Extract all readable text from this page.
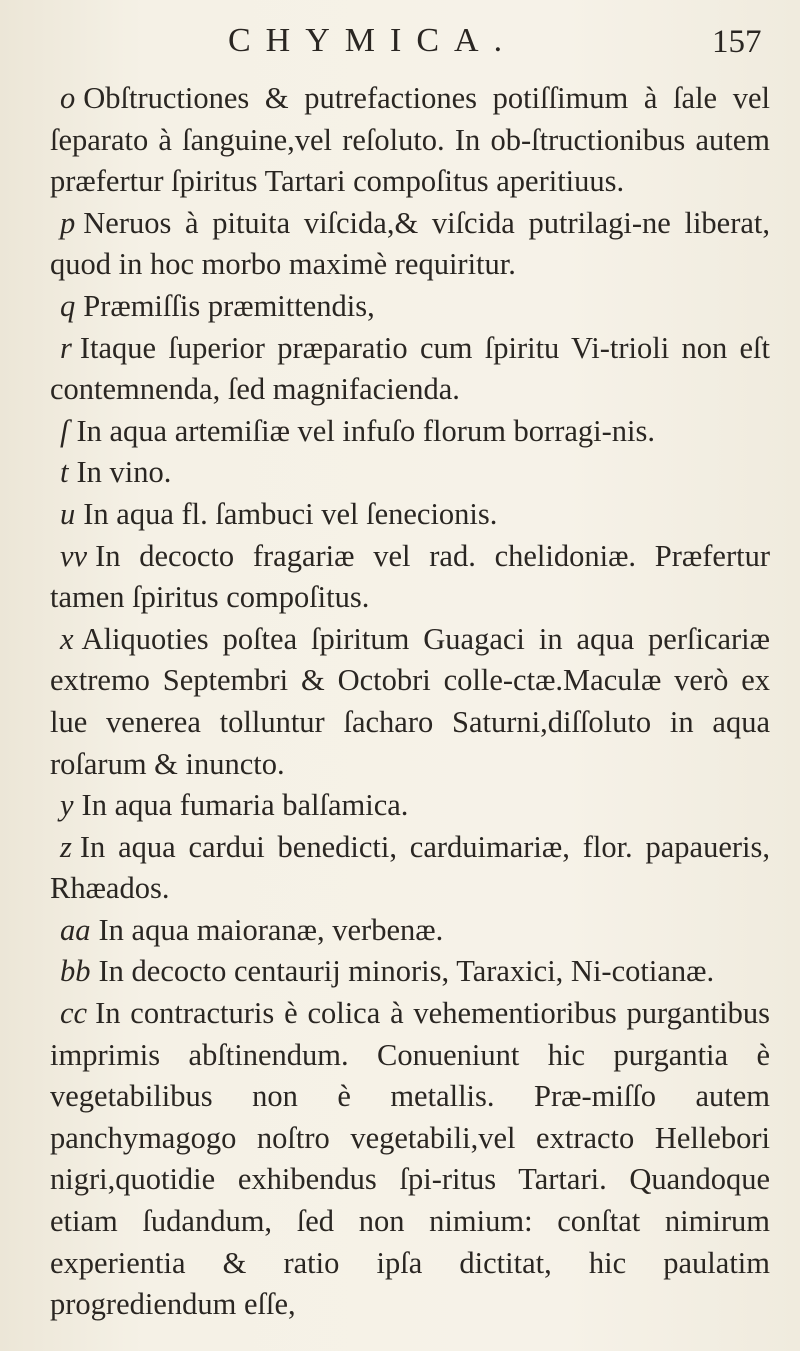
CHYMICA.	157

o Obſtructiones & putrefactiones potiſſimum à ſale vel ſeparato à ſanguine,vel reſoluto. In ob-ſtructionibus autem præfertur ſpiritus Tartari compoſitus aperitiuus.

p Neruos à pituita viſcida,& viſcida putrilagi-ne liberat, quod in hoc morbo maximè requiritur.

q Præmiſſis præmittendis,

r Itaque ſuperior præparatio cum ſpiritu Vi-trioli non eſt contemnenda, ſed magnifacienda.

ſ In aqua artemiſiæ vel infuſo florum borragi-nis.

t In vino.

u In aqua fl. ſambuci vel ſenecionis.

vv In decocto fragariæ vel rad. chelidoniæ. Præfertur tamen ſpiritus compoſitus.

x Aliquoties poſtea ſpiritum Guagaci in aqua perſicariæ extremo Septembri & Octobri colle-ctæ.Maculæ verò ex lue venerea tolluntur ſacharo Saturni,diſſoluto in aqua roſarum & inuncto.

y In aqua fumaria balſamica.

z In aqua cardui benedicti, carduimariæ, flor. papaueris, Rhæados.

aa In aqua maioranæ, verbenæ.

bb In decocto centaurij minoris, Taraxici, Ni-cotianæ.

cc In contracturis è colica à vehementioribus purgantibus imprimis abſtinendum. Conueniunt hic purgantia è vegetabilibus non è metallis. Præ-miſſo autem panchymagogo noſtro vegetabili,vel extracto Hellebori nigri,quotidie exhibendus ſpi-ritus Tartari. Quandoque etiam ſudandum, ſed non nimium: conſtat nimirum experientia & ratio ipſa dictitat, hic paulatim progrediendum eſſe,
